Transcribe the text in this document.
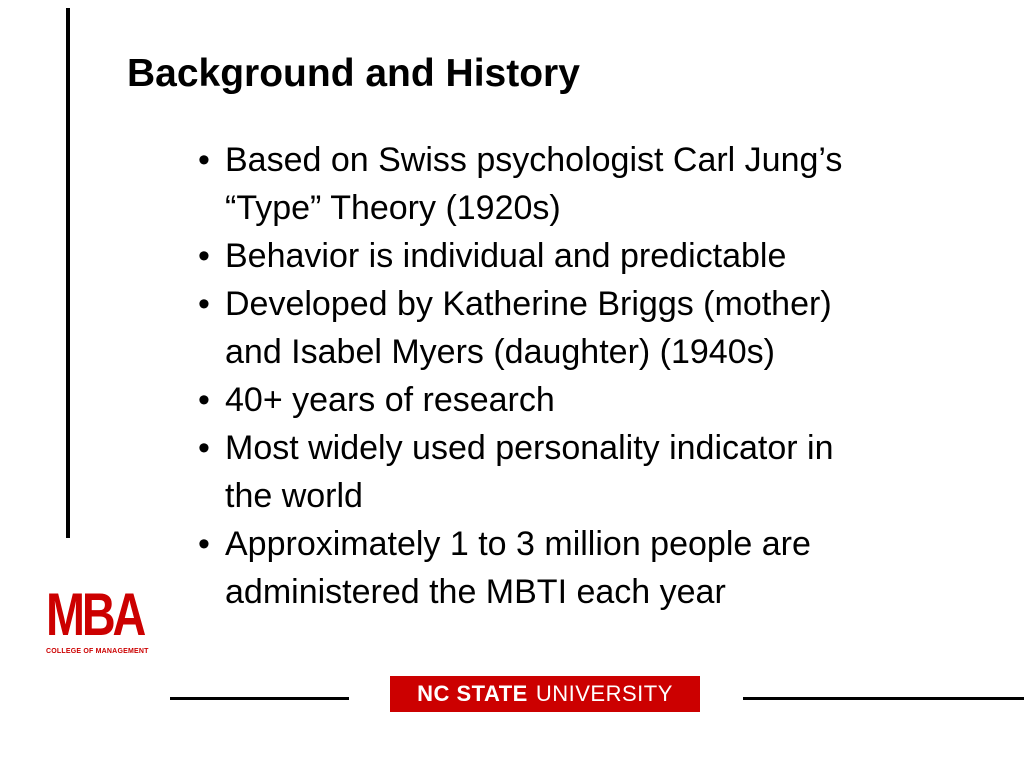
Background and History
• Based on Swiss psychologist Carl Jung’s
“Type” Theory (1920s)
• Behavior is individual and predictable
• Developed by Katherine Briggs (mother)
and Isabel Myers (daughter) (1940s)
• 40+ years of research
• Most widely used personality indicator in
the world
• Approximately 1 to 3 million people are
administered the MBTI each year
MBA
COLLEGE OF MANAGEMENT
NC STATE UNIVERSITY
